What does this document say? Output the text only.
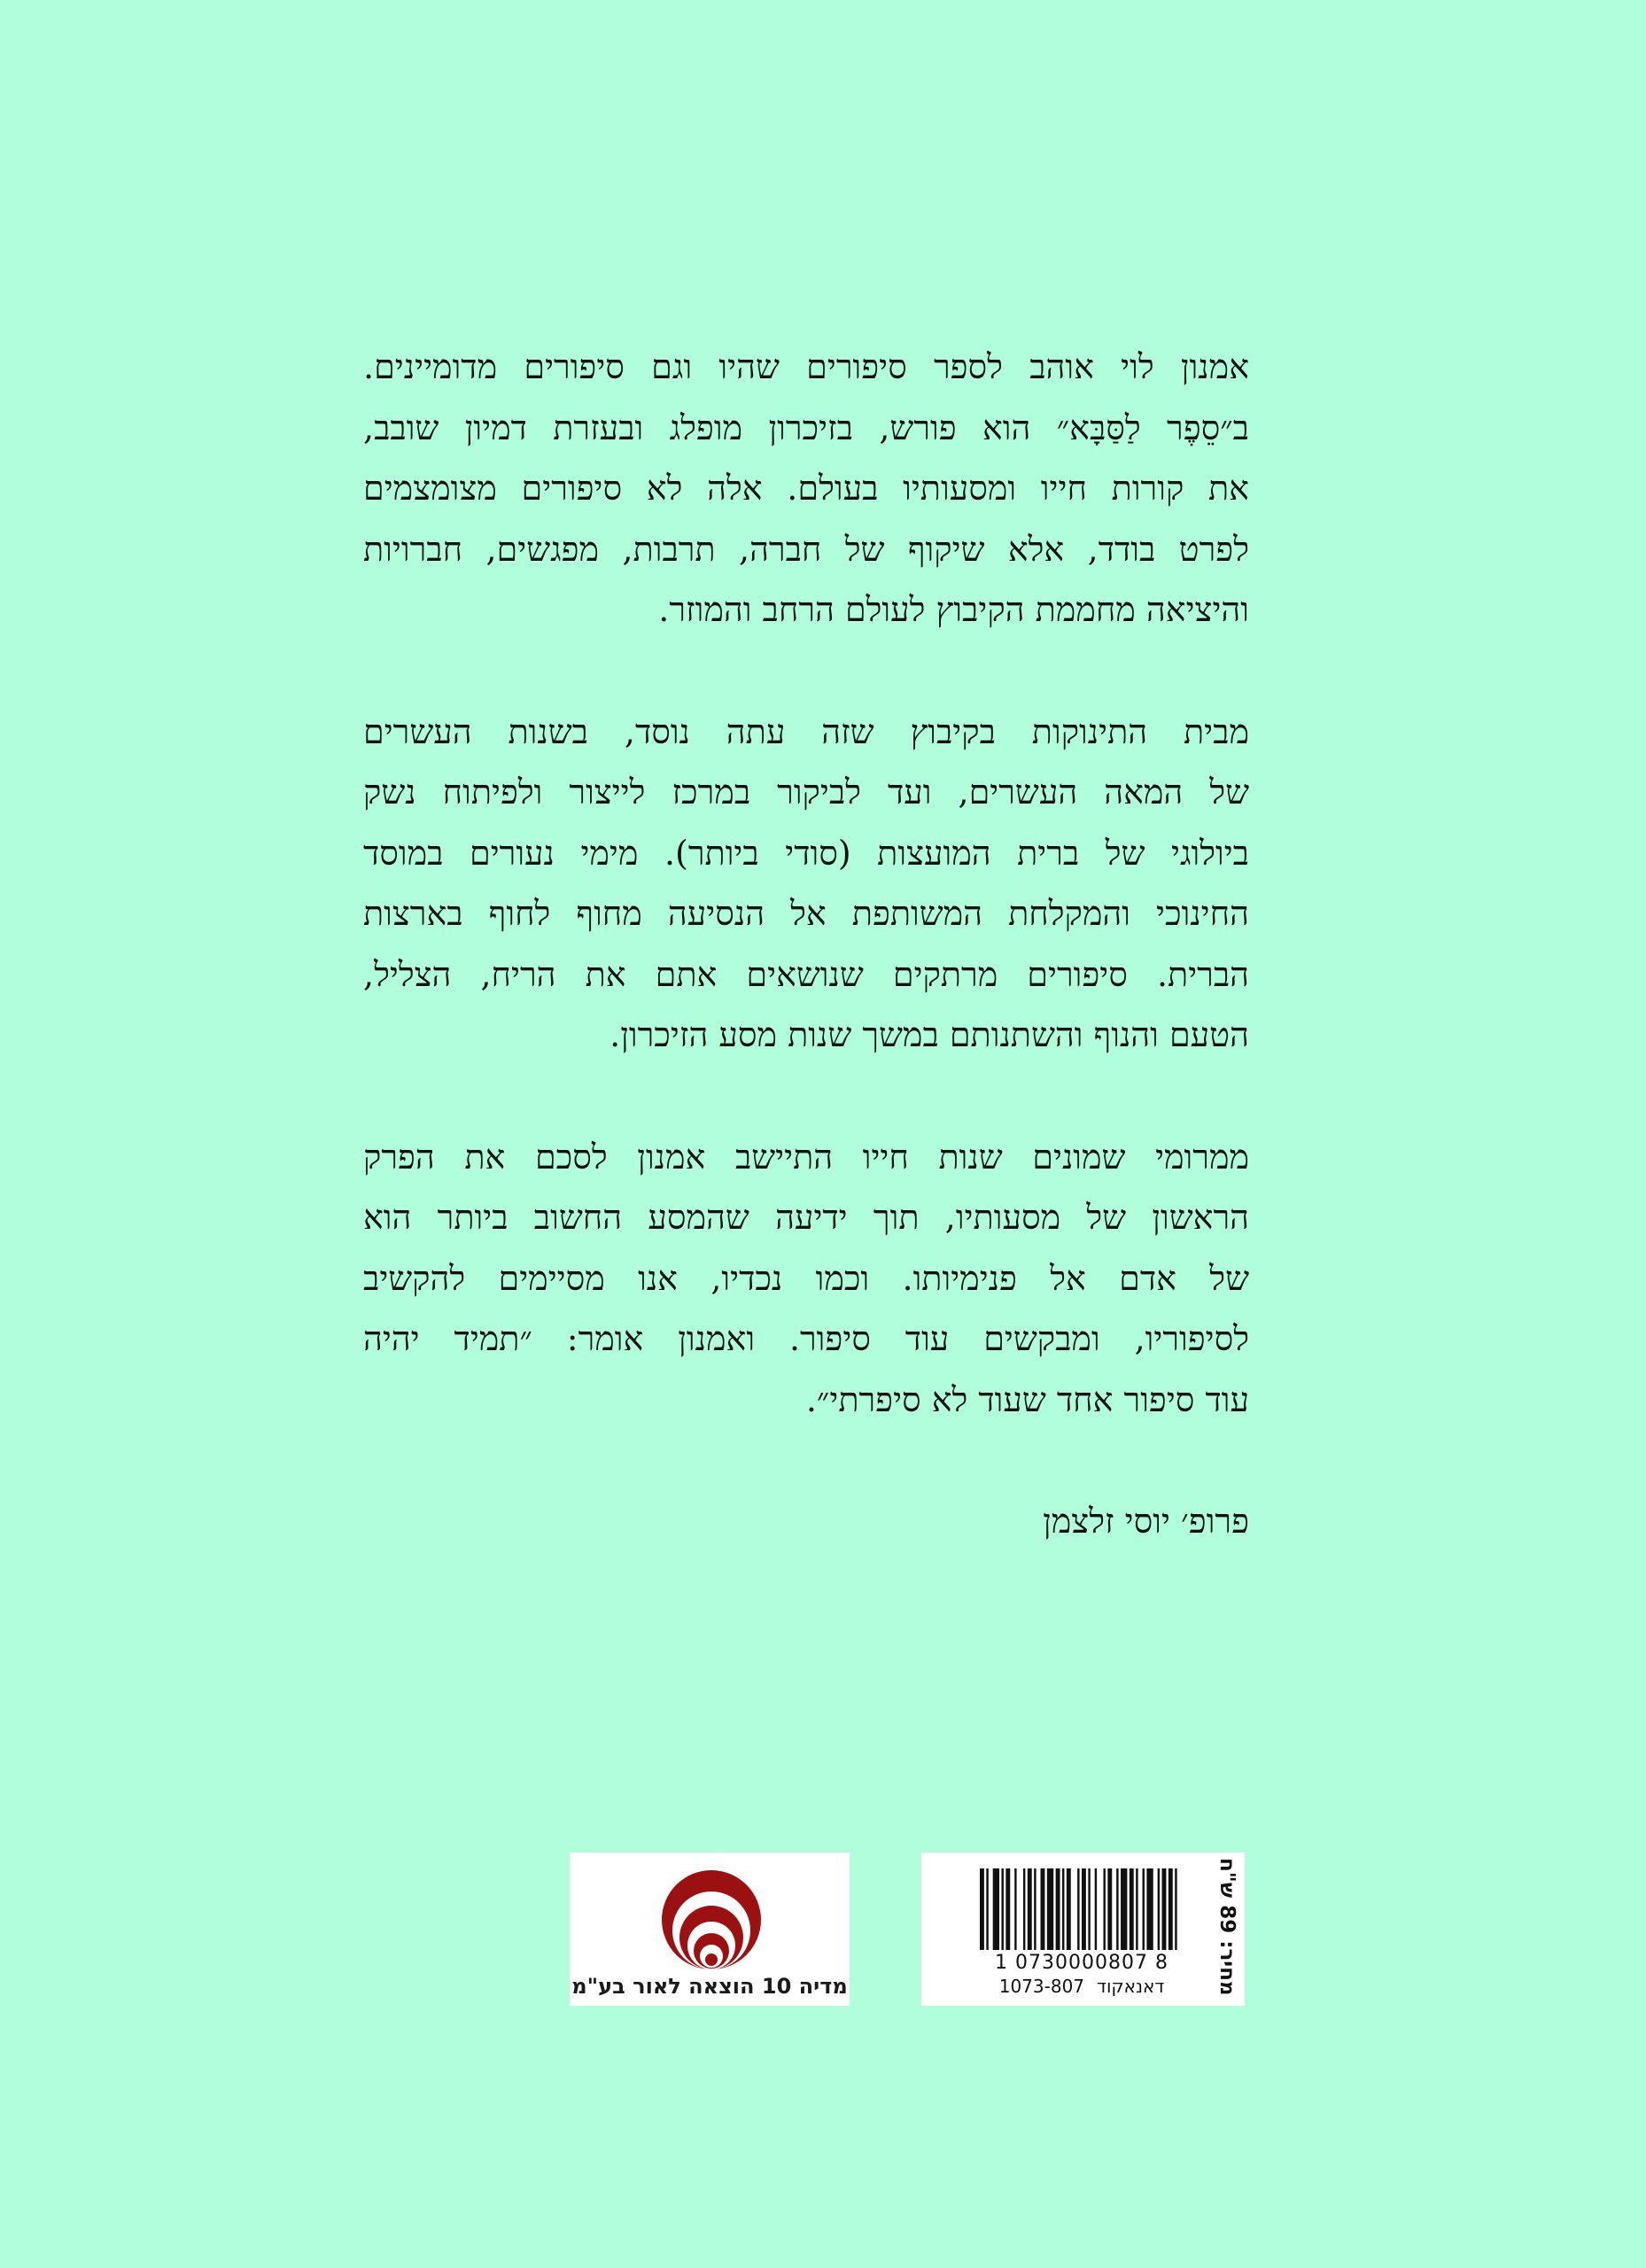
אמנון לוי אוהב לספר סיפורים שהיו וגם סיפורים מדומיינים.
ב״סֵפֶר לַסַּבָּא״ הוא פורש, בזיכרון מופלג ובעזרת דמיון שובב,
את קורות חייו ומסעותיו בעולם. אלה לא סיפורים מצומצמים
לפרט בודד, אלא שיקוף של חברה, תרבות, מפגשים, חברויות
והיציאה מחממת הקיבוץ לעולם הרחב והמוזר.
מבית התינוקות בקיבוץ שזה עתה נוסד, בשנות העשרים
של המאה העשרים, ועד לביקור במרכז לייצור ולפיתוח נשק
ביולוגי של ברית המועצות (סודי ביותר). מימי נעורים במוסד
החינוכי והמקלחת המשותפת אל הנסיעה מחוף לחוף בארצות
הברית. סיפורים מרתקים שנושאים אתם את הריח, הצליל,
הטעם והנוף והשתנותם במשך שנות מסע הזיכרון.
ממרומי שמונים שנות חייו התיישב אמנון לסכם את הפרק
הראשון של מסעותיו, תוך ידיעה שהמסע החשוב ביותר הוא
של אדם אל פנימיותו. וכמו נכדיו, אנו מסיימים להקשיב
לסיפוריו, ומבקשים עוד סיפור. ואמנון אומר: ״תמיד יהיה
עוד סיפור אחד שעוד לא סיפרתי״.

פרופ׳ יוסי זלצמן

מדיה 10 הוצאה לאור בע"מ
1 0730000807 8
דאנאקוד1073-807
מחיר: 89 ש"ח
